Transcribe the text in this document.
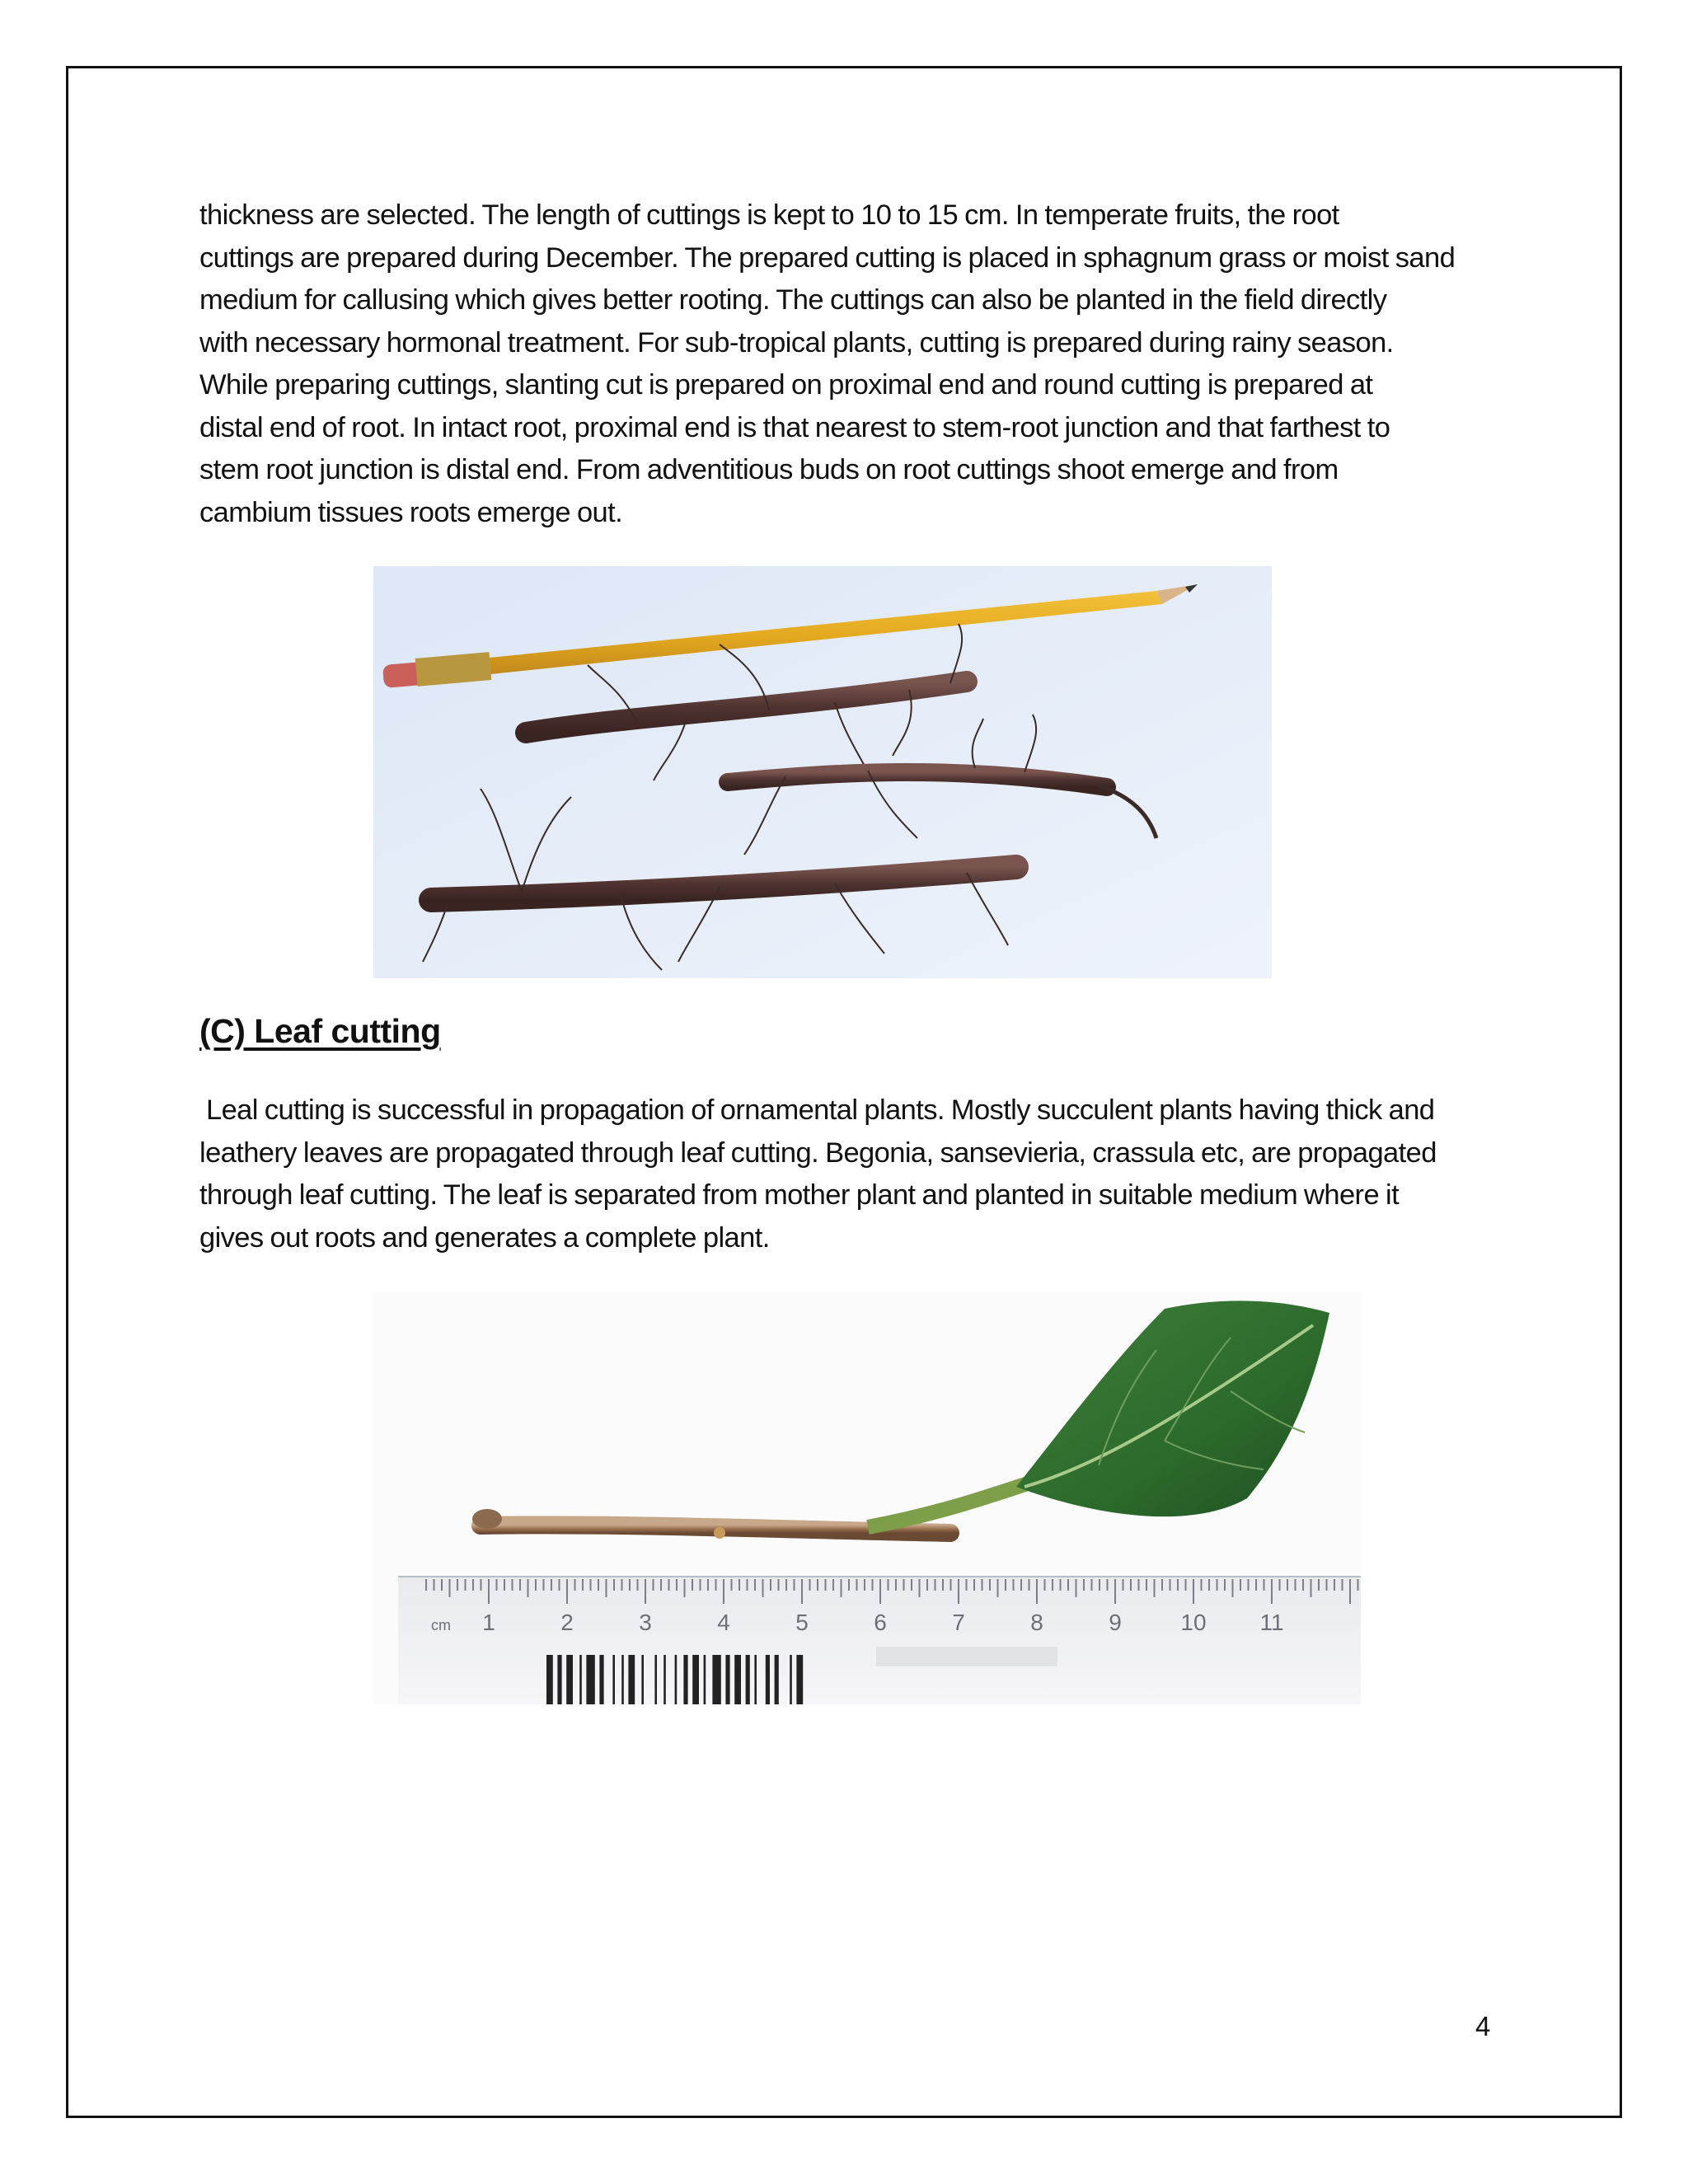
thickness are selected. The length of cuttings is kept to 10 to 15 cm. In temperate fruits, the root
cuttings are prepared during December. The prepared cutting is placed in sphagnum grass or moist sand
medium for callusing which gives better rooting. The cuttings can also be planted in the field directly
with necessary hormonal treatment. For sub-tropical plants, cutting is prepared during rainy season.
While preparing cuttings, slanting cut is prepared on proximal end and round cutting is prepared at
distal end of root. In intact root, proximal end is that nearest to stem-root junction and that farthest to
stem root junction is distal end. From adventitious buds on root cuttings shoot emerge and from
cambium tissues roots emerge out.

(C) Leaf cutting

Leal cutting is successful in propagation of ornamental plants. Mostly succulent plants having thick and
leathery leaves are propagated through leaf cutting. Begonia, sansevieria, crassula etc, are propagated
through leaf cutting. The leaf is separated from mother plant and planted in suitable medium where it
gives out roots and generates a complete plant.

cm 1	2	3	4	5	6	7	8	9	10 11
4
